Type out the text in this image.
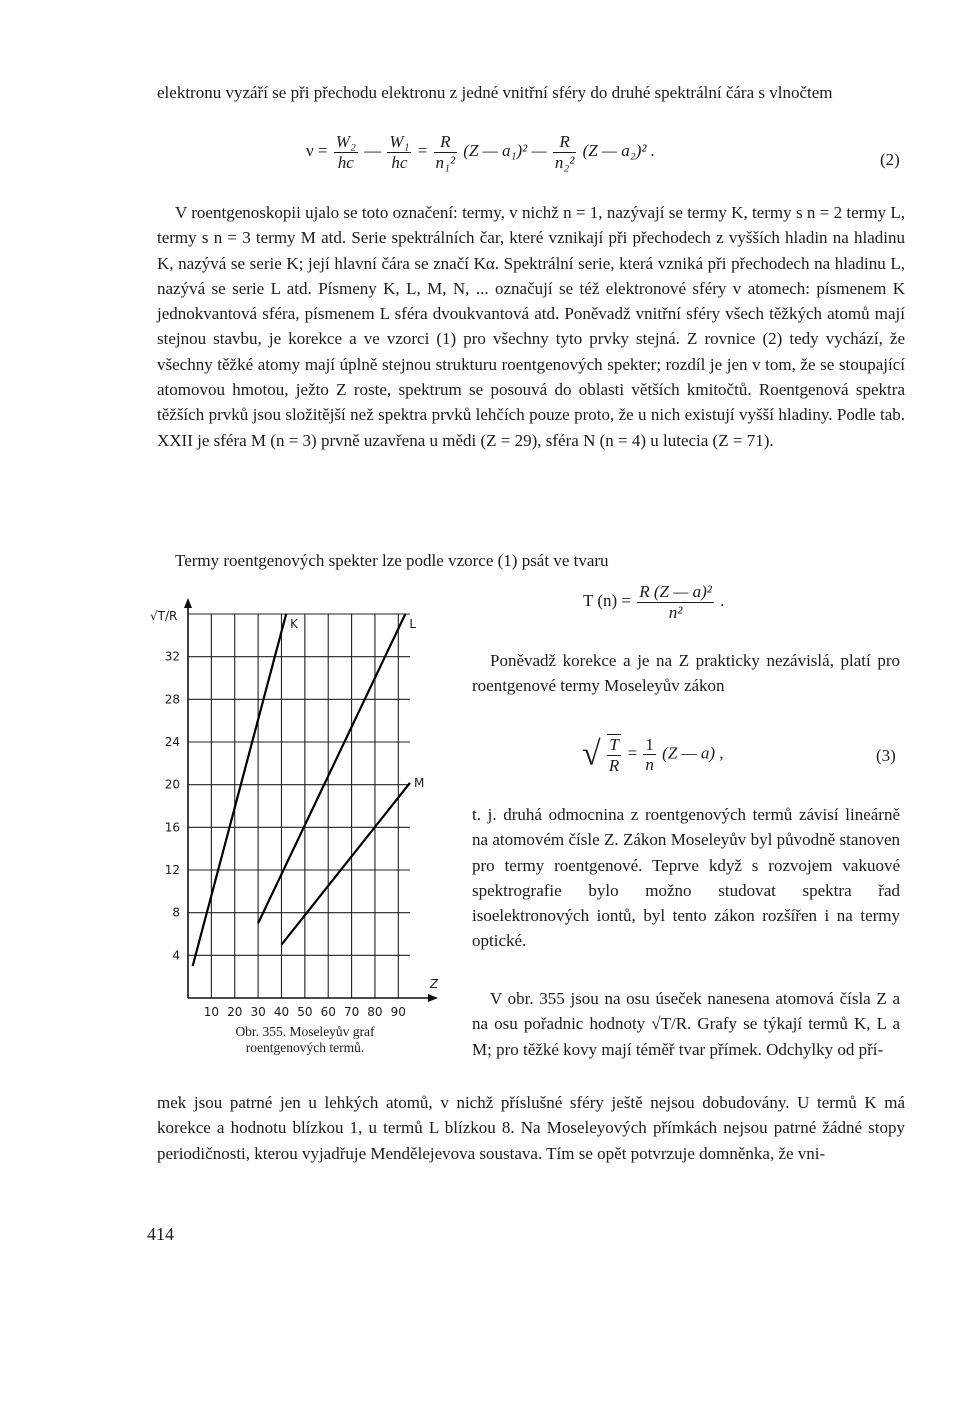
elektronu vyzáří se při přechodu elektronu z jedné vnitřní sféry do druhé spektrální čára s vlnočtem

$\nu = \frac{\text{W₂}}{hc}$ — $\frac{\text{W₁}}{hc} = \frac{R}{\text{n₁²}} (Z$ — a₁)² — $\frac{R}{\text{n₂²}} (Z$ — a₂)² .	(2)

V roentgenoskopii ujalo se toto označení: termy, v nichž n = 1, nazývají se termy K, termy s n = 2 termy L, termy s n = 3 termy M atd. Serie spektrálních čar, které vznikají při přechodech z vyšších hladin na hladinu K, nazývá se serie K; její hlavní čára se značí Kα. Spektrální serie, která vzniká při přechodech na hladinu L, nazývá se serie L atd. Písmeny K, L, M, N, ... označují se též elektronové sféry v atomech: písmenem K jednokvantová sféra, písmenem L sféra dvoukvantová atd. Poněvadž vnitřní sféry všech těžkých atomů mají stejnou stavbu, je korekce a ve vzorci (1) pro všechny tyto prvky stejná. Z rovnice (2) tedy vychází, že všechny těžké atomy mají úplně stejnou strukturu roentgenových spekter; rozdíl je jen v tom, že se stoupající atomovou hmotou, ježto Z roste, spektrum se posouvá do oblasti větších kmitočtů. Roentgenová spektra těžších prvků jsou složitější než spektra prvků lehčích pouze proto, že u nich existují vyšší hladiny. Podle tab. XXII je sféra M (n = 3) prvně uzavřena u mědi (Z = 29), sféra N (n = 4) u lutecia (Z = 71).

Termy roentgenových spekter lze podle vzorce (1) psát ve tvaru

T $(n) = \frac{\text{R (Z — a)²}}{\text{n²}}$ .

Poněvadž korekce a je na Z prakticky nezávislá, platí pro roentgenové termy Moseleyův zákon

√ $\frac{T}{R} = \frac{1}{n} (Z$ — a) ,	(3)

t. j. druhá odmocnina z roentgenových termů závisí lineárně na atomovém čísle Z. Zákon Moseleyův byl původně stanoven pro termy roentgenové. Teprve když s rozvojem vakuové spektrografie bylo možno studovat spektra řad isoelektronových iontů, byl tento zákon rozšířen i na termy optické.

V obr. 355 jsou na osu úseček nanesena atomová čísla Z a na osu pořadnic hodnoty √T/R. Grafy se týkají termů K, L a M; pro těžké kovy mají téměř tvar přímek. Odchylky od pří-

mek jsou patrné jen u lehkých atomů, v nichž příslušné sféry ještě nejsou dobudovány. U termů K má korekce a hodnotu blízkou 1, u termů L blízkou 8. Na Moseleyových přímkách nejsou patrné žádné stopy periodičnosti, kterou vyjadřuje Mendělejevova soustava. Tím se opět potvrzuje domněnka, že vni-

10 20 30 40 50 60 70 80 90
4
8
12
16
20
24
28
32
Z
√T/R
K	L
M
Obr. 355. Moseleyův graf
roentgenových termů.
414
